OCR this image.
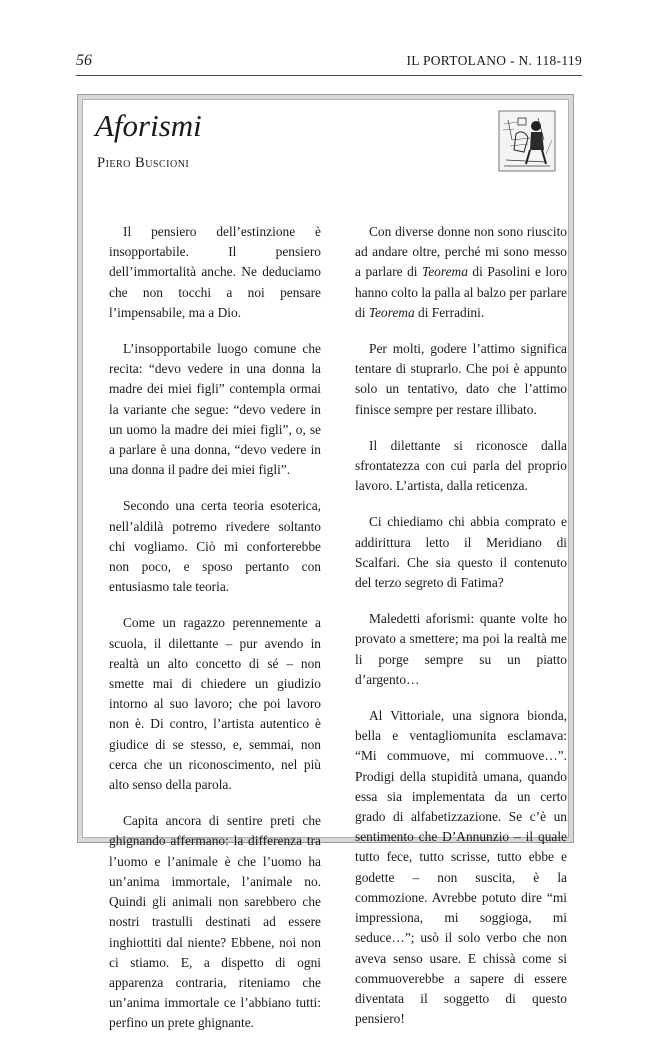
56	IL PORTOLANO - N. 118-119
Aforismi
Piero Buscioni

Il pensiero dell’estinzione è insopportabile. Il pensiero dell’immortalità anche. Ne deduciamo che non tocchi a noi pensare l’impensabile, ma a Dio.

L’insopportabile luogo comune che recita: “devo vedere in una donna la madre dei miei figli” contempla ormai la variante che segue: “devo vedere in un uomo la madre dei miei figli”, o, se a parlare è una donna, “devo vedere in una donna il padre dei miei figli”.

Secondo una certa teoria esoterica, nell’aldilà potremo rivedere soltanto chi vogliamo. Ciò mi conforterebbe non poco, e sposo pertanto con entusiasmo tale teoria.

Come un ragazzo perennemente a scuola, il dilettante – pur avendo in realtà un alto concetto di sé – non smette mai di chiedere un giudizio intorno al suo lavoro; che poi lavoro non è. Di contro, l’artista autentico è giudice di se stesso, e, semmai, non cerca che un riconoscimento, nel più alto senso della parola.

Capita ancora di sentire preti che ghignando affermano: la differenza tra l’uomo e l’animale è che l’uomo ha un’anima immortale, l’animale no. Quindi gli animali non sarebbero che nostri trastulli destinati ad essere inghiottiti dal niente? Ebbene, noi non ci stiamo. E, a dispetto di ogni apparenza contraria, riteniamo che un’anima immortale ce l’abbiano tutti: perfino un prete ghignante.

Con diverse donne non sono riuscito ad andare oltre, perché mi sono messo a parlare di Teorema di Pasolini e loro hanno colto la palla al balzo per parlare di Teorema di Ferradini.

Per molti, godere l’attimo significa tentare di stuprarlo. Che poi è appunto solo un tentativo, dato che l’attimo finisce sempre per restare illibato.

Il dilettante si riconosce dalla sfrontatezza con cui parla del proprio lavoro. L’artista, dalla reticenza.

Ci chiediamo chi abbia comprato e addirittura letto il Meridiano di Scalfari. Che sia questo il contenuto del terzo segreto di Fatima?

Maledetti aforismi: quante volte ho provato a smettere; ma poi la realtà me li porge sempre su un piatto d’argento…

Al Vittoriale, una signora bionda, bella e ventagliomunita esclamava: “Mi commuove, mi commuove…”. Prodigi della stupidità umana, quando essa sia implementata da un certo grado di alfabetizzazione. Se c’è un sentimento che D’Annunzio – il quale tutto fece, tutto scrisse, tutto ebbe e godette – non suscita, è la commozione. Avrebbe potuto dire “mi impressiona, mi soggioga, mi seduce…”; usò il solo verbo che non aveva senso usare. E chissà come si commuoverebbe a sapere di essere diventata il soggetto di questo pensiero!
